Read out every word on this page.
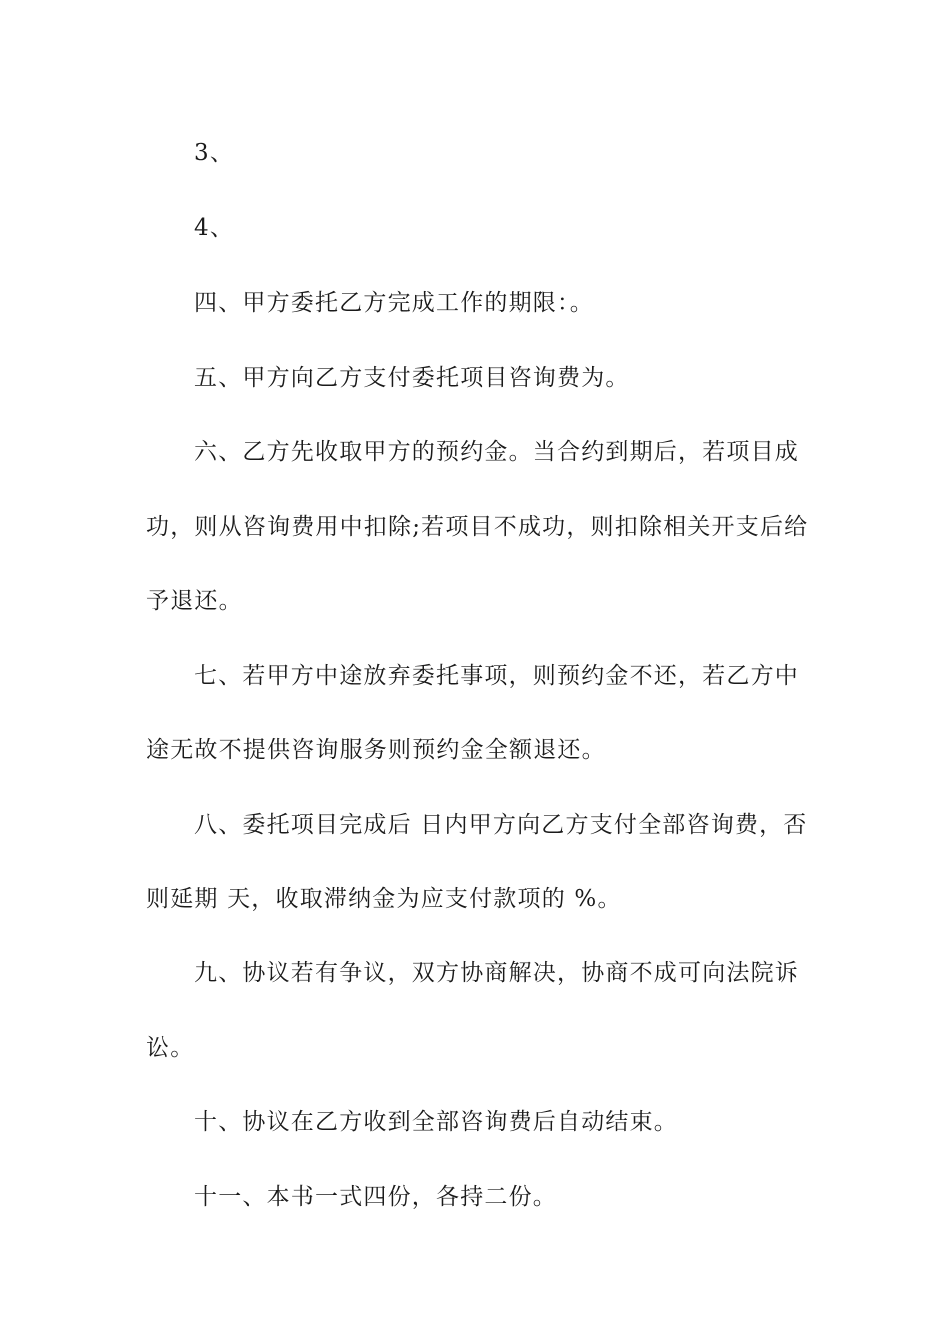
3、
4、
四、甲方委托乙方完成工作的期限：。
五、甲方向乙方支付委托项目咨询费为。
六、乙方先收取甲方的预约金。当合约到期后，若项目成
功，则从咨询费用中扣除;若项目不成功，则扣除相关开支后给
予退还。
七、若甲方中途放弃委托事项，则预约金不还，若乙方中
途无故不提供咨询服务则预约金全额退还。
八、委托项目完成后 日内甲方向乙方支付全部咨询费，否
则延期 天，收取滞纳金为应支付款项的 %。
九、协议若有争议，双方协商解决，协商不成可向法院诉
讼。
十、协议在乙方收到全部咨询费后自动结束。
十一、本书一式四份，各持二份。
